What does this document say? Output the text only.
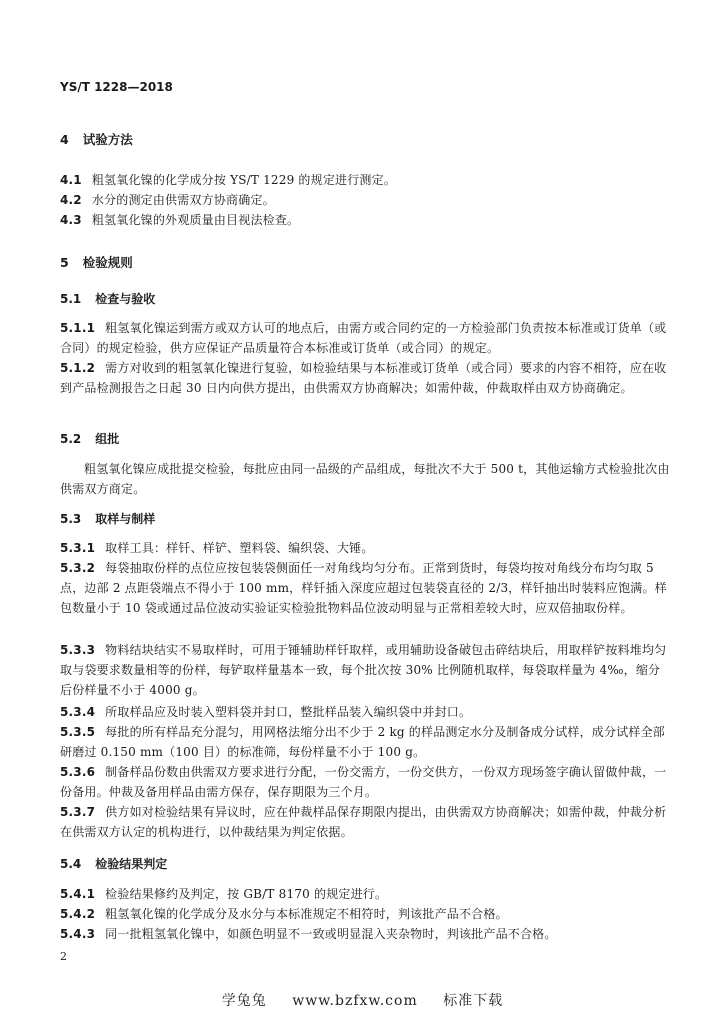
YS/T 1228—2018
4 试验方法
4.1 粗氢氧化镍的化学成分按 YS/T 1229 的规定进行测定。
4.2 水分的测定由供需双方协商确定。
4.3 粗氢氧化镍的外观质量由目视法检查。
5 检验规则
5.1 检查与验收
5.1.1 粗氢氧化镍运到需方或双方认可的地点后，由需方或合同约定的一方检验部门负责按本标准或订货单（或合同）的规定检验，供方应保证产品质量符合本标准或订货单（或合同）的规定。
5.1.2 需方对收到的粗氢氧化镍进行复验，如检验结果与本标准或订货单（或合同）要求的内容不相符，应在收到产品检测报告之日起 30 日内向供方提出，由供需双方协商解决；如需仲裁，仲裁取样由双方协商确定。
5.2 组批
粗氢氧化镍应成批提交检验，每批应由同一品级的产品组成，每批次不大于 500 t，其他运输方式检验批次由供需双方商定。
5.3 取样与制样
5.3.1 取样工具：样钎、样铲、塑料袋、编织袋、大锤。
5.3.2 每袋抽取份样的点位应按包装袋侧面任一对角线均匀分布。正常到货时，每袋均按对角线分布均匀取 5 点，边部 2 点距袋端点不得小于 100 mm，样钎插入深度应超过包装袋直径的 2/3，样钎抽出时装料应饱满。样包数量小于 10 袋或通过品位波动实验证实检验批物料品位波动明显与正常相差较大时，应双倍抽取份样。
5.3.3 物料结块结实不易取样时，可用于锤辅助样钎取样，或用辅助设备破包击碎结块后，用取样铲按料堆均匀取与袋要求数量相等的份样，每铲取样量基本一致，每个批次按 30% 比例随机取样，每袋取样量为 4‰，缩分后份样量不小于 4000 g。
5.3.4 所取样品应及时装入塑料袋并封口，整批样品装入编织袋中并封口。
5.3.5 每批的所有样品充分混匀，用网格法缩分出不少于 2 kg 的样品测定水分及制备成分试样，成分试样全部研磨过 0.150 mm（100 目）的标准筛，每份样量不小于 100 g。
5.3.6 制备样品份数由供需双方要求进行分配，一份交需方，一份交供方，一份双方现场签字确认留做仲裁，一份备用。仲裁及备用样品由需方保存，保存期限为三个月。
5.3.7 供方如对检验结果有异议时，应在仲裁样品保存期限内提出，由供需双方协商解决；如需仲裁，仲裁分析在供需双方认定的机构进行，以仲裁结果为判定依据。
5.4 检验结果判定
5.4.1 检验结果修约及判定，按 GB/T 8170 的规定进行。
5.4.2 粗氢氧化镍的化学成分及水分与本标准规定不相符时，判该批产品不合格。
5.4.3 同一批粗氢氧化镍中，如颜色明显不一致或明显混入夹杂物时，判该批产品不合格。
2
学兔兔 www.bzfxw.com 标准下载
